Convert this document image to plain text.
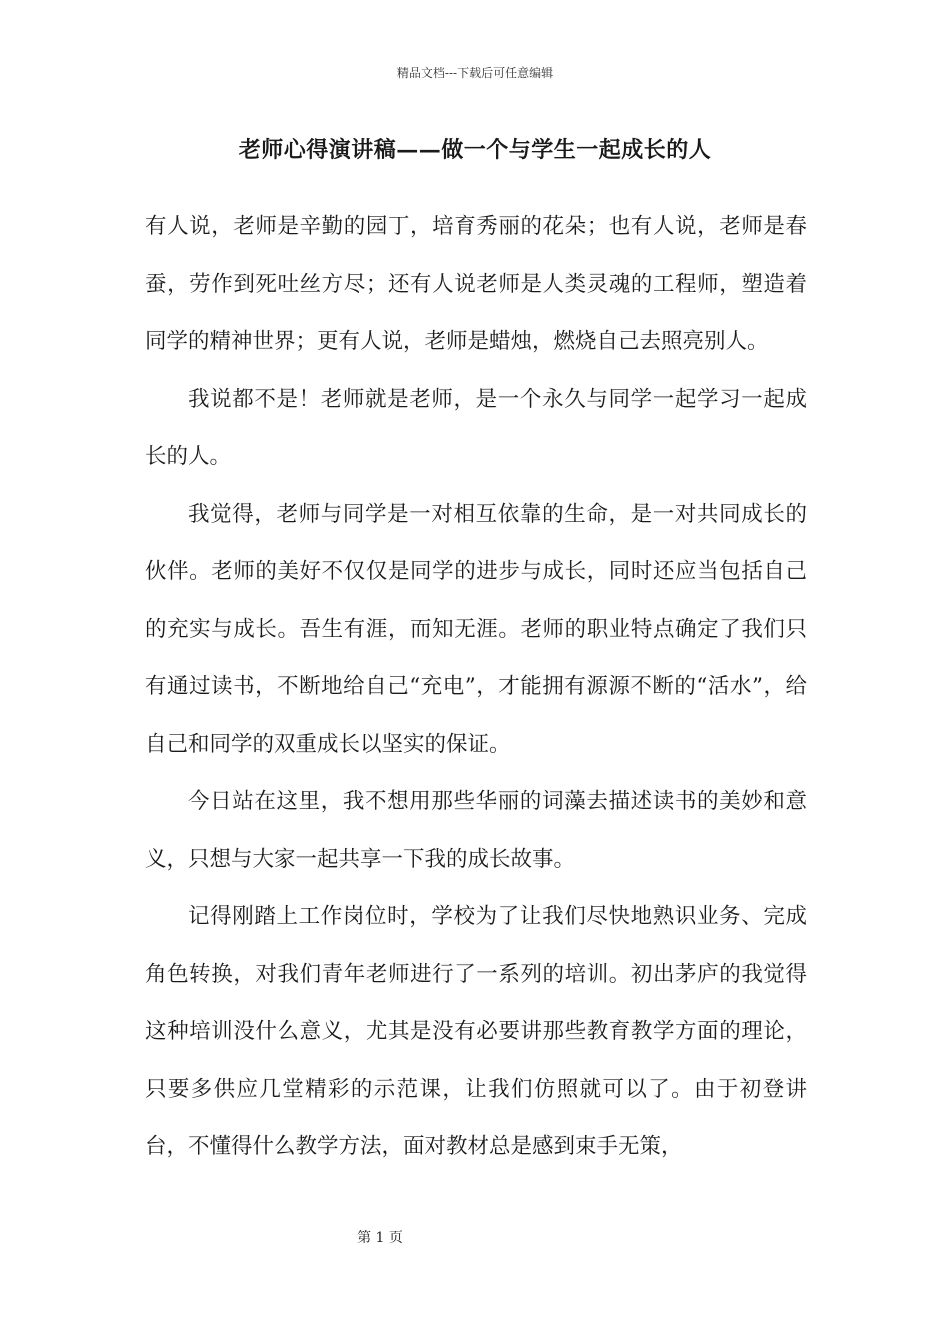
精品文档---下载后可任意编辑
老师心得演讲稿——做一个与学生一起成长的人

有人说，老师是辛勤的园丁，培育秀丽的花朵；也有人说，老师是春蚕，劳作到死吐丝方尽；还有人说老师是人类灵魂的工程师，塑造着同学的精神世界；更有人说，老师是蜡烛，燃烧自己去照亮别人。

我说都不是！老师就是老师，是一个永久与同学一起学习一起成长的人。

我觉得，老师与同学是一对相互依靠的生命，是一对共同成长的伙伴。老师的美好不仅仅是同学的进步与成长，同时还应当包括自己的充实与成长。吾生有涯，而知无涯。老师的职业特点确定了我们只有通过读书，不断地给自己“充电”，才能拥有源源不断的“活水”，给自己和同学的双重成长以坚实的保证。

今日站在这里，我不想用那些华丽的词藻去描述读书的美妙和意义，只想与大家一起共享一下我的成长故事。

记得刚踏上工作岗位时，学校为了让我们尽快地熟识业务、完成角色转换，对我们青年老师进行了一系列的培训。初出茅庐的我觉得这种培训没什么意义，尤其是没有必要讲那些教育教学方面的理论，只要多供应几堂精彩的示范课，让我们仿照就可以了。由于初登讲台，不懂得什么教学方法，面对教材总是感到束手无策，

第 1 页
